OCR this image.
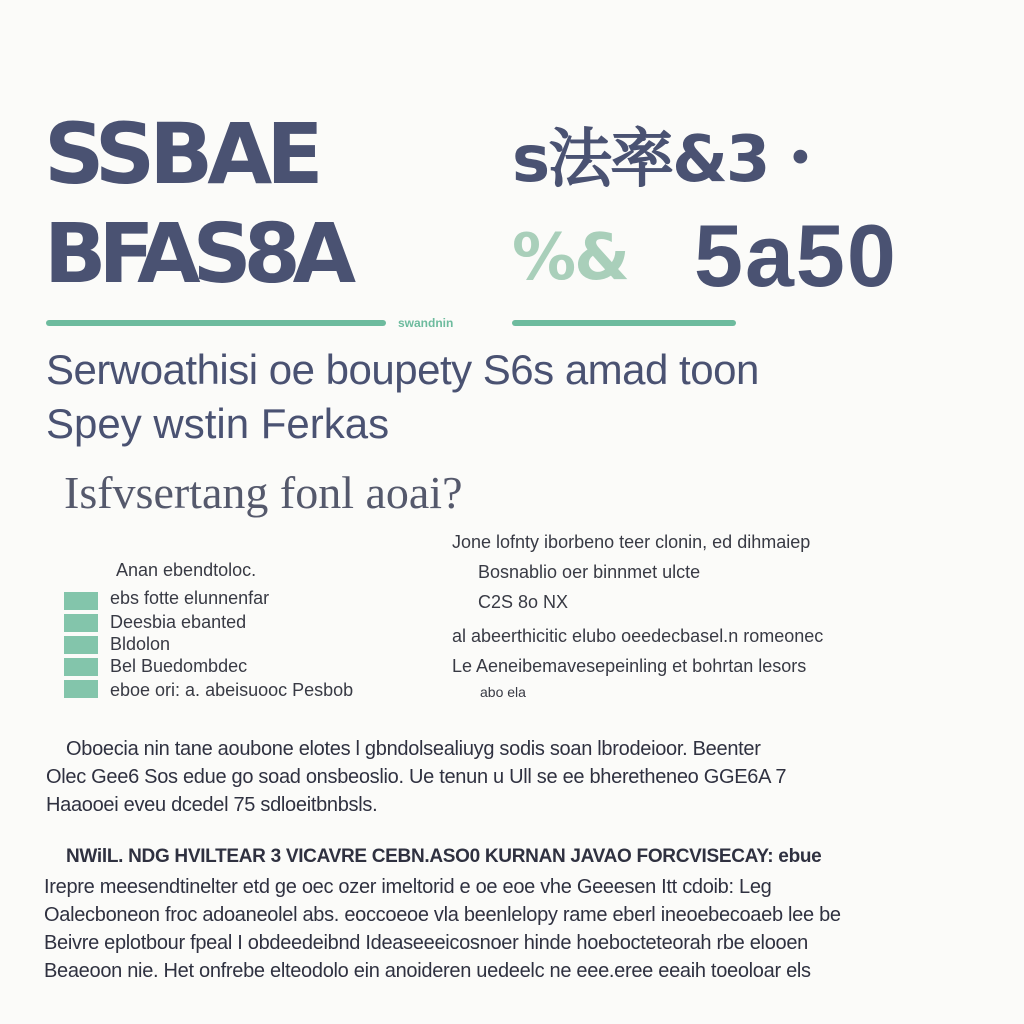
SSBAE	s法率&3・
BFAS8A	%& 5a50
swandnin
Serwoathisi oe boupety S6s amad toon
Spey wstin Ferkas
Isfvsertang fonl aoai?
Anan ebendtoloc.
ebs fotte elunnenfar
Deesbia ebanted
Bldolon
Bel Buedombdec
eboe ori: a. abeisuooc Pesbob
Jone lofnty iborbeno teer clonin, ed dihmaiep
Bosnablio oer binnmet ulcte
C2S 8o NX
al abeerthicitic elubo oeedecbasel.n romeonec
Le Aeneibemavesepeinling et bohrtan lesors
abo ela
Oboecia nin tane aoubone elotes l gbndolsealiuyg sodis soan lbrodeioor. Beenter
Olec Gee6 Sos edue go soad onsbeoslio. Ue tenun u Ull se ee bheretheneo GGE6A 7
Haaooei eveu dcedel 75 sdloeitbnbsls.
NWilL. NDG HVILTEAR 3 VICAVRE CEBN.ASO0 KURNAN JAVAO FORCVISECAY: ebue
Irepre meesendtinelter etd ge oec ozer imeltorid e oe eoe vhe Geeesen Itt cdoib: Leg
Oalecboneon froc adoaneolel abs. eoccoeoe vla beenlelopy rame eberl ineoebecoaeb lee be
Beivre eplotbour fpeal I obdeedeibnd Ideaseeeicosnoer hinde hoebocteteorah rbe elooen
Beaeoon nie. Het onfrebe elteodolo ein anoideren uedeelc ne eee.eree eeaih toeoloar els
